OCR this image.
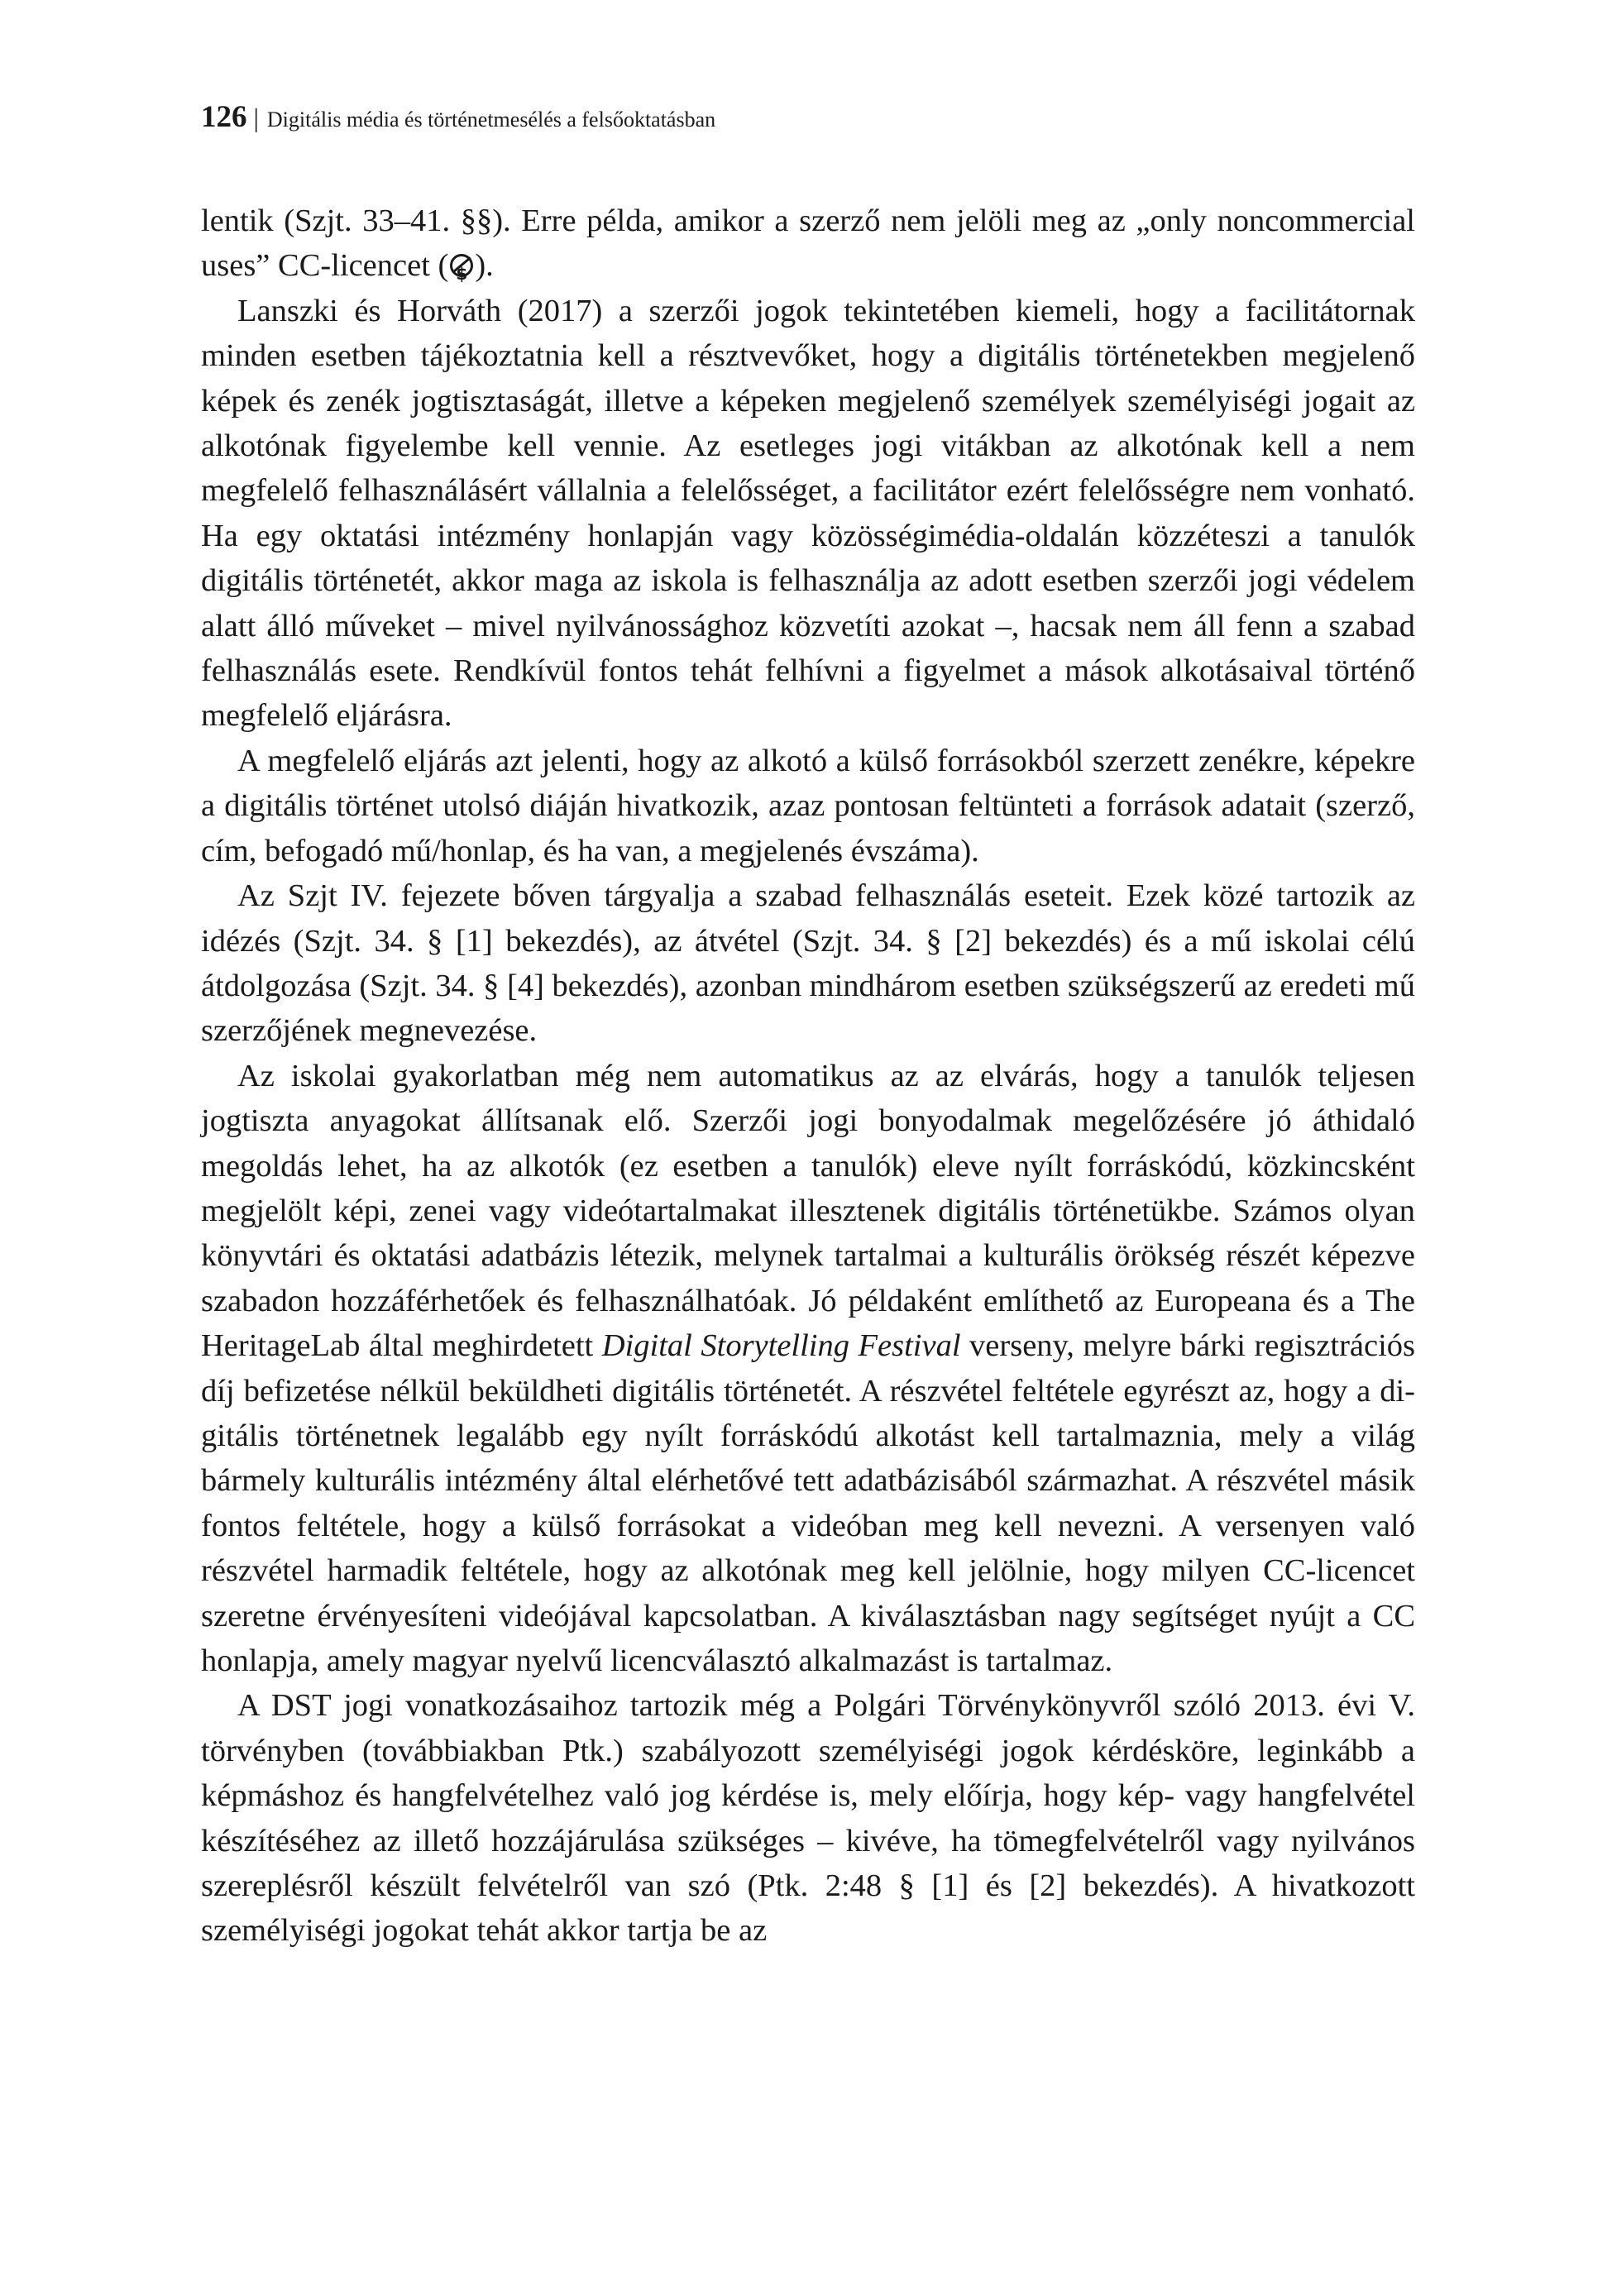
126 | Digitális média és történetmesélés a felsőoktatásban

lentik (Szjt. 33–41. §§). Erre példa, amikor a szerző nem jelöli meg az „only noncommercial uses” CC-licencet ($ ).

Lanszki és Horváth (2017) a szerzői jogok tekintetében kiemeli, hogy a facilitátornak minden esetben tájékoztatnia kell a résztvevőket, hogy a digitális történetekben megjelenő képek és zenék jogtisztaságát, illetve a képeken megjelenő személyek személyiségi jogait az alkotónak figyelembe kell vennie. Az esetleges jogi vitákban az alkotónak kell a nem megfelelő felhasználásért vállalnia a felelősséget, a facilitátor ezért felelősségre nem vonható. Ha egy oktatási intézmény honlapján vagy közösségimédia-oldalán közzéteszi a tanulók digitális történetét, akkor maga az iskola is felhasználja az adott esetben szerzői jogi védelem alatt álló műveket – mivel nyilvánossághoz közvetíti azokat –, hacsak nem áll fenn a szabad felhasználás esete. Rendkívül fontos tehát felhívni a figyelmet a mások alkotásaival történő megfelelő eljárásra.

A megfelelő eljárás azt jelenti, hogy az alkotó a külső forrásokból szerzett zenékre, képekre a digitális történet utolsó diáján hivatkozik, azaz pontosan feltünteti a források adatait (szerző, cím, befogadó mű/honlap, és ha van, a megjelenés évszáma).

Az Szjt IV. fejezete bőven tárgyalja a szabad felhasználás eseteit. Ezek közé tartozik az idézés (Szjt. 34. § [1] bekezdés), az átvétel (Szjt. 34. § [2] bekezdés) és a mű iskolai célú átdolgozása (Szjt. 34. § [4] bekezdés), azonban mindhárom esetben szükségszerű az eredeti mű szerzőjének megnevezése.

Az iskolai gyakorlatban még nem automatikus az az elvárás, hogy a tanulók teljesen jogtiszta anyagokat állítsanak elő. Szerzői jogi bonyodalmak megelőzésére jó áthidaló megoldás lehet, ha az alkotók (ez esetben a tanulók) eleve nyílt forráskódú, közkincsként megjelölt képi, zenei vagy videótartalmakat illesztenek digitális történetükbe. Számos olyan könyvtári és oktatási adatbázis létezik, melynek tartalmai a kulturális örökség részét képezve szabadon hozzáférhetőek és felhasználhatóak. Jó példaként említhető az Europeana és a The HeritageLab által meghirdetett Digital Storytelling Festival verseny, melyre bárki regisztrációs díj befizetése nélkül beküldheti digitális történetét. A részvétel feltétele egyrészt az, hogy a digitális történetnek legalább egy nyílt forráskódú alkotást kell tartalmaznia, mely a világ bármely kulturális intézmény által elérhetővé tett adatbázisából származhat. A részvétel másik fontos feltétele, hogy a külső forrásokat a videóban meg kell nevezni. A versenyen való részvétel harmadik feltétele, hogy az alkotónak meg kell jelölnie, hogy milyen CC-licencet szeretne érvényesíteni videójával kapcsolatban. A kiválasztásban nagy segítséget nyújt a CC honlapja, amely magyar nyelvű licencválasztó alkalmazást is tartalmaz.

A DST jogi vonatkozásaihoz tartozik még a Polgári Törvénykönyvről szóló 2013. évi V. törvényben (továbbiakban Ptk.) szabályozott személyiségi jogok kérdésköre, leginkább a képmáshoz és hangfelvételhez való jog kérdése is, mely előírja, hogy kép- vagy hangfelvétel készítéséhez az illető hozzájárulása szükséges – kivéve, ha tömegfelvételről vagy nyilvános szereplésről készült felvételről van szó (Ptk. 2:48 § [1] és [2] bekezdés). A hivatkozott személyiségi jogokat tehát akkor tartja be az
